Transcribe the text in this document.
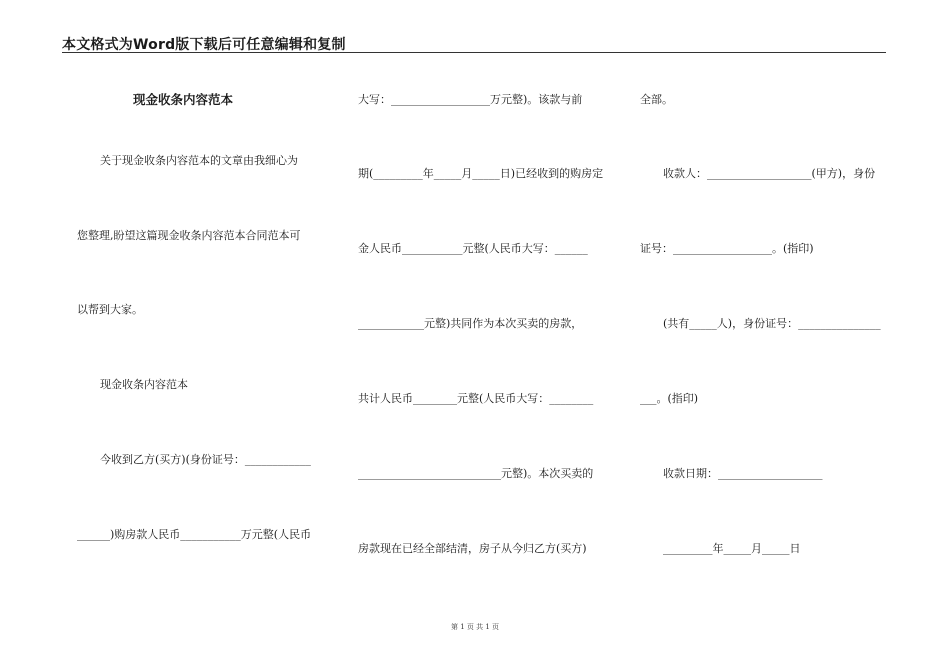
本文格式为Word版下载后可任意编辑和复制
现金收条内容范本
关于现金收条内容范本的文章由我细心为
您整理,盼望这篇现金收条内容范本合同范本可
以帮到大家。
现金收条内容范本
今收到乙方(买方)(身份证号：____________
______)购房款人民币___________万元整(人民币
大写：__________________万元整)。该款与前
期(_________年_____月_____日)已经收到的购房定
金人民币___________元整(人民币大写：______
____________元整)共同作为本次买卖的房款，
共计人民币________元整(人民币大写：________
__________________________元整)。本次买卖的
房款现在已经全部结清，房子从今归乙方(买方)
全部。
收款人：___________________(甲方)，身份
证号：__________________。(指印)
(共有_____人)，身份证号：_______________
___。(指印)
收款日期：___________________
_________年_____月_____日
第 1 页 共 1 页
